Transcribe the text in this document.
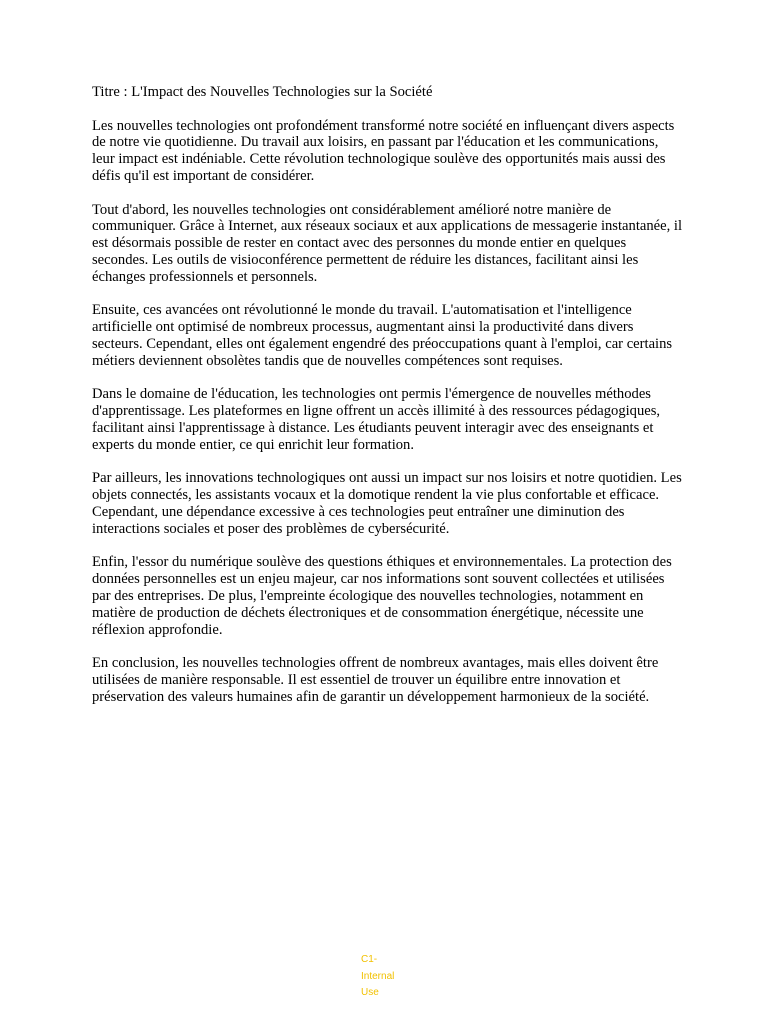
Titre : L'Impact des Nouvelles Technologies sur la Société

Les nouvelles technologies ont profondément transformé notre société en influençant divers aspects de notre vie quotidienne. Du travail aux loisirs, en passant par l'éducation et les communications, leur impact est indéniable. Cette révolution technologique soulève des opportunités mais aussi des défis qu'il est important de considérer.

Tout d'abord, les nouvelles technologies ont considérablement amélioré notre manière de communiquer. Grâce à Internet, aux réseaux sociaux et aux applications de messagerie instantanée, il est désormais possible de rester en contact avec des personnes du monde entier en quelques secondes. Les outils de visioconférence permettent de réduire les distances, facilitant ainsi les échanges professionnels et personnels.

Ensuite, ces avancées ont révolutionné le monde du travail. L'automatisation et l'intelligence artificielle ont optimisé de nombreux processus, augmentant ainsi la productivité dans divers secteurs. Cependant, elles ont également engendré des préoccupations quant à l'emploi, car certains métiers deviennent obsolètes tandis que de nouvelles compétences sont requises.

Dans le domaine de l'éducation, les technologies ont permis l'émergence de nouvelles méthodes d'apprentissage. Les plateformes en ligne offrent un accès illimité à des ressources pédagogiques, facilitant ainsi l'apprentissage à distance. Les étudiants peuvent interagir avec des enseignants et experts du monde entier, ce qui enrichit leur formation.

Par ailleurs, les innovations technologiques ont aussi un impact sur nos loisirs et notre quotidien. Les objets connectés, les assistants vocaux et la domotique rendent la vie plus confortable et efficace. Cependant, une dépendance excessive à ces technologies peut entraîner une diminution des interactions sociales et poser des problèmes de cybersécurité.

Enfin, l'essor du numérique soulève des questions éthiques et environnementales. La protection des données personnelles est un enjeu majeur, car nos informations sont souvent collectées et utilisées par des entreprises. De plus, l'empreinte écologique des nouvelles technologies, notamment en matière de production de déchets électroniques et de consommation énergétique, nécessite une réflexion approfondie.

En conclusion, les nouvelles technologies offrent de nombreux avantages, mais elles doivent être utilisées de manière responsable. Il est essentiel de trouver un équilibre entre innovation et préservation des valeurs humaines afin de garantir un développement harmonieux de la société.

C1-Internal Use
